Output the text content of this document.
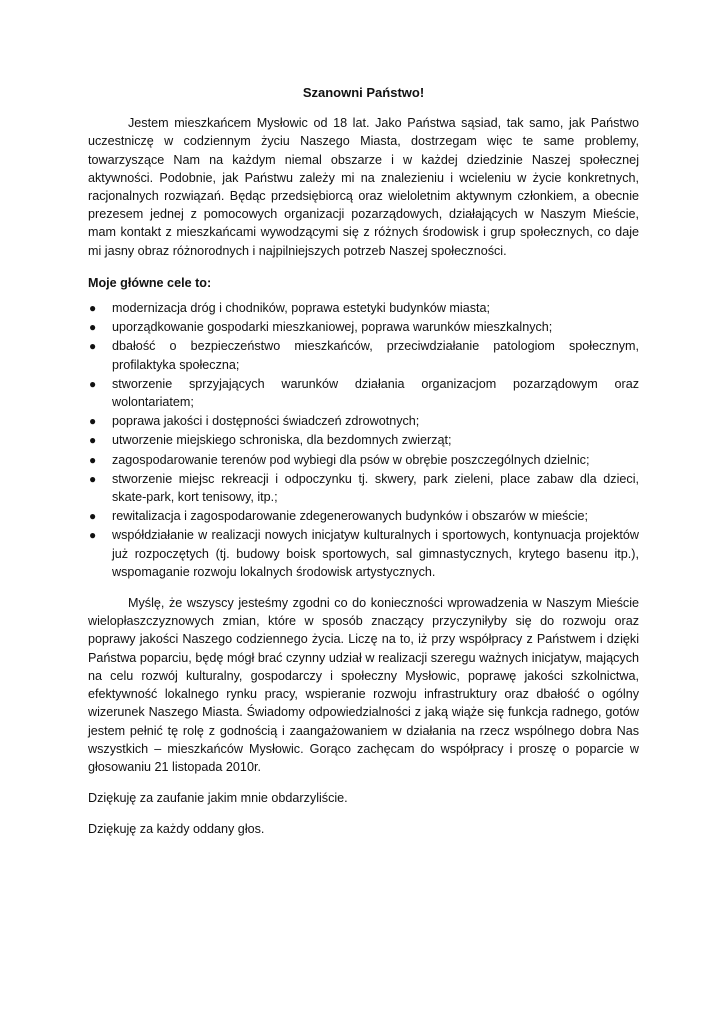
Szanowni Państwo!

Jestem mieszkańcem Mysłowic od 18 lat. Jako Państwa sąsiad, tak samo, jak Państwo uczestniczę w codziennym życiu Naszego Miasta, dostrzegam więc te same problemy, towarzyszące Nam na każdym niemal obszarze i w każdej dziedzinie Naszej społecznej aktywności. Podobnie, jak Państwu zależy mi na znalezieniu i wcieleniu w życie konkretnych, racjonalnych rozwiązań. Będąc przedsiębiorcą oraz wieloletnim aktywnym członkiem, a obecnie prezesem jednej z pomocowych organizacji pozarządowych, działających w Naszym Mieście, mam kontakt z mieszkańcami wywodzącymi się z różnych środowisk i grup społecznych, co daje mi jasny obraz różnorodnych i najpilniejszych potrzeb Naszej społeczności.

Moje główne cele to:

● modernizacja dróg i chodników, poprawa estetyki budynków miasta;
● uporządkowanie gospodarki mieszkaniowej, poprawa warunków mieszkalnych;
● dbałość o bezpieczeństwo mieszkańców, przeciwdziałanie patologiom społecznym, profilaktyka społeczna;
● stworzenie sprzyjających warunków działania organizacjom pozarządowym oraz wolontariatem;
● poprawa jakości i dostępności świadczeń zdrowotnych;
● utworzenie miejskiego schroniska, dla bezdomnych zwierząt;
● zagospodarowanie terenów pod wybiegi dla psów w obrębie poszczególnych dzielnic;
● stworzenie miejsc rekreacji i odpoczynku tj. skwery, park zieleni, place zabaw dla dzieci, skate-park, kort tenisowy, itp.;
● rewitalizacja i zagospodarowanie zdegenerowanych budynków i obszarów w mieście;
● współdziałanie w realizacji nowych inicjatyw kulturalnych i sportowych, kontynuacja projektów już rozpoczętych (tj. budowy boisk sportowych, sal gimnastycznych, krytego basenu itp.), wspomaganie rozwoju lokalnych środowisk artystycznych.

Myślę, że wszyscy jesteśmy zgodni co do konieczności wprowadzenia w Naszym Mieście wielopłaszczyznowych zmian, które w sposób znaczący przyczyniłyby się do rozwoju oraz poprawy jakości Naszego codziennego życia. Liczę na to, iż przy współpracy z Państwem i dzięki Państwa poparciu, będę mógł brać czynny udział w realizacji szeregu ważnych inicjatyw, mających na celu rozwój kulturalny, gospodarczy i społeczny Mysłowic, poprawę jakości szkolnictwa, efektywność lokalnego rynku pracy, wspieranie rozwoju infrastruktury oraz dbałość o ogólny wizerunek Naszego Miasta. Świadomy odpowiedzialności z jaką wiąże się funkcja radnego, gotów jestem pełnić tę rolę z godnością i zaangażowaniem w działania na rzecz wspólnego dobra Nas wszystkich – mieszkańców Mysłowic. Gorąco zachęcam do współpracy i proszę o poparcie w głosowaniu 21 listopada 2010r.

Dziękuję za zaufanie jakim mnie obdarzyliście.

Dziękuję za każdy oddany głos.
